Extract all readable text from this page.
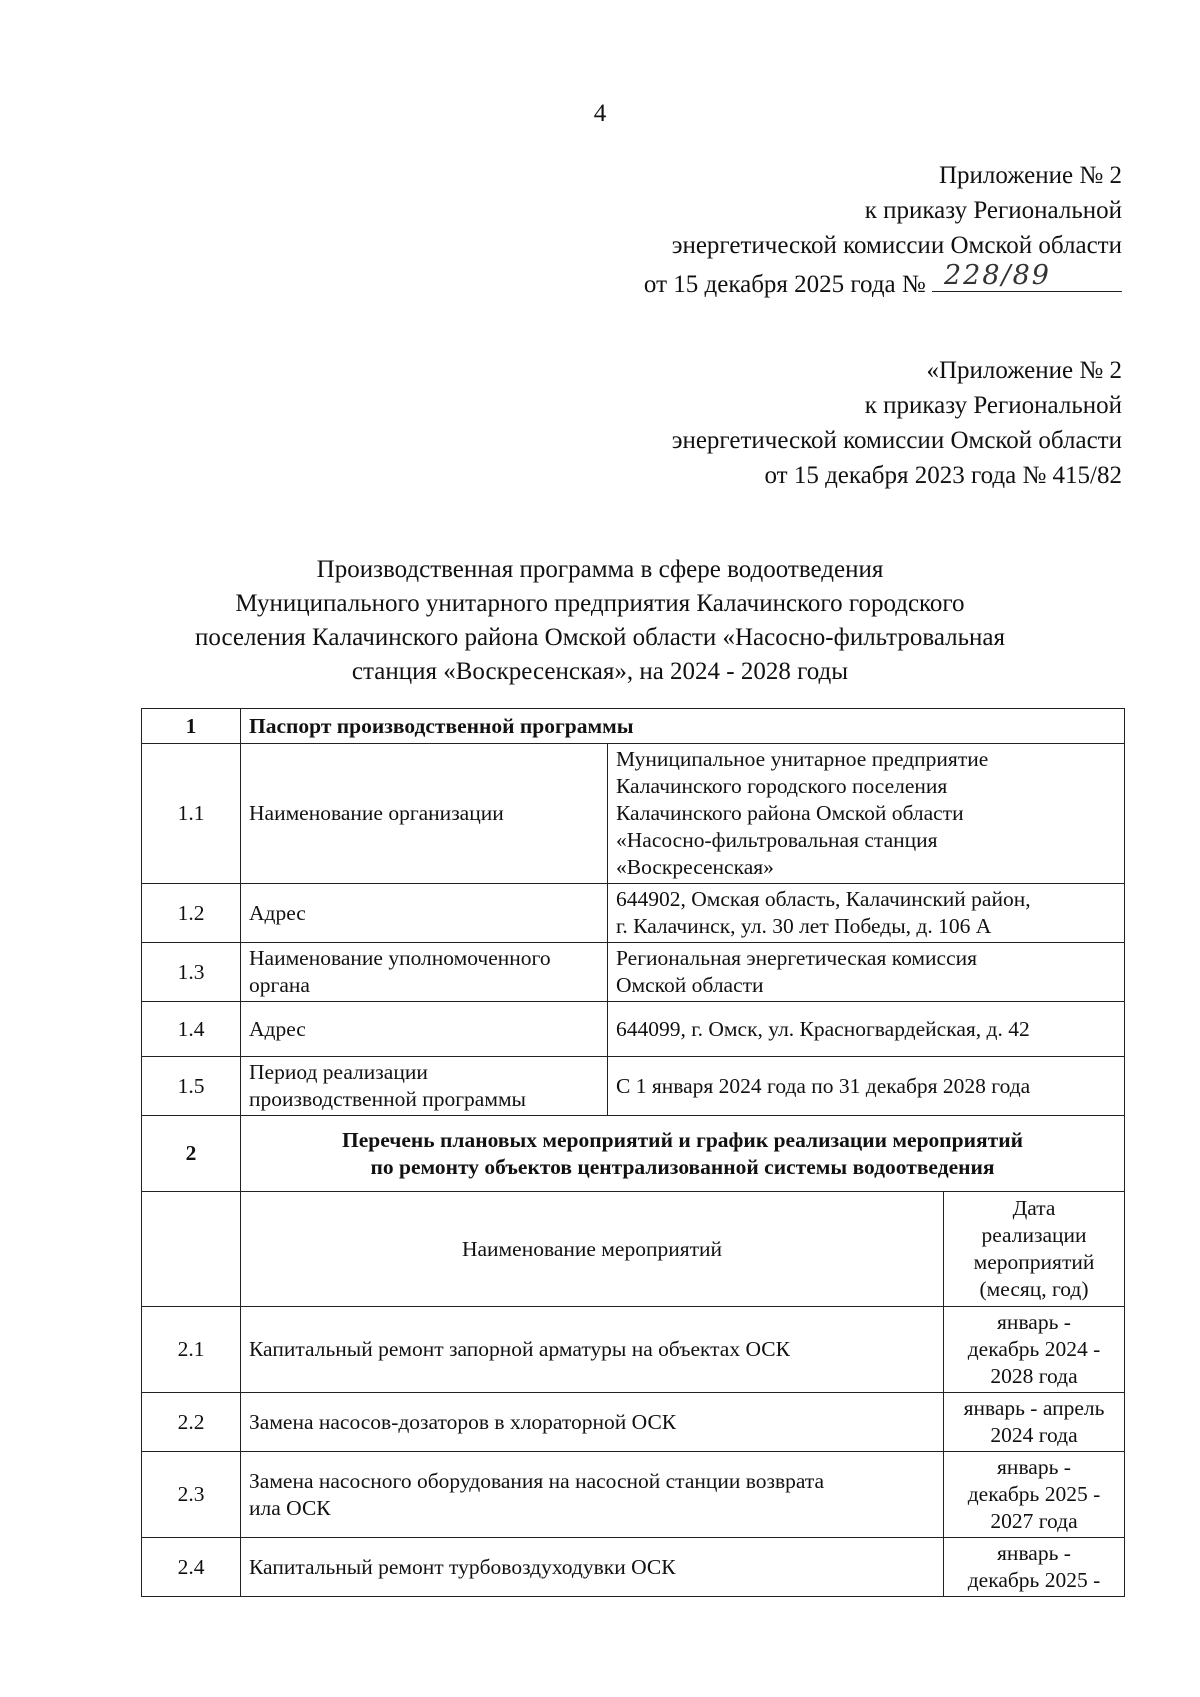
4
Приложение № 2
к приказу Региональной
энергетической комиссии Омской области
от 15 декабря 2025 года № 228/89
«Приложение № 2
к приказу Региональной
энергетической комиссии Омской области
от 15 декабря 2023 года № 415/82
Производственная программа в сфере водоотведения
Муниципального унитарного предприятия Калачинского городского
поселения Калачинского района Омской области «Насосно-фильтровальная
станция «Воскресенская», на 2024 - 2028 годы
1	Паспорт производственной программы		
1.1	Наименование организации	Муниципальное унитарное предприятие
Калачинского городского поселения
Калачинского района Омской области
«Насосно-фильтровальная станция
«Воскресенская»	

1.2	Адрес	644902, Омская область, Калачинский район,
г. Калачинск, ул. 30 лет Победы, д. 106 А	

1.3	Наименование уполномоченного
органа	Региональная энергетическая комиссия
Омской области	

1.4	Адрес	644099, г. Омск, ул. Красногвардейская, д. 42	
1.5	Период реализации
производственной программы	С 1 января 2024 года по 31 декабря 2028 года	
2	Перечень плановых мероприятий и график реализации мероприятий
по ремонту объектов централизованной системы водоотведения		

	Наименование мероприятий		Дата
реализации
мероприятий
(месяц, год)

2.1	Капитальный ремонт запорной арматуры на объектах ОСК		январь -
декабрь 2024 -
2028 года

2.2	Замена насосов-дозаторов в хлораторной ОСК		январь - апрель
2024 года

2.3	Замена насосного оборудования на насосной станции возврата
ила ОСК		январь -
декабрь 2025 -
2027 года

2.4	Капитальный ремонт турбовоздуходувки ОСК		январь -
декабрь 2025 -
